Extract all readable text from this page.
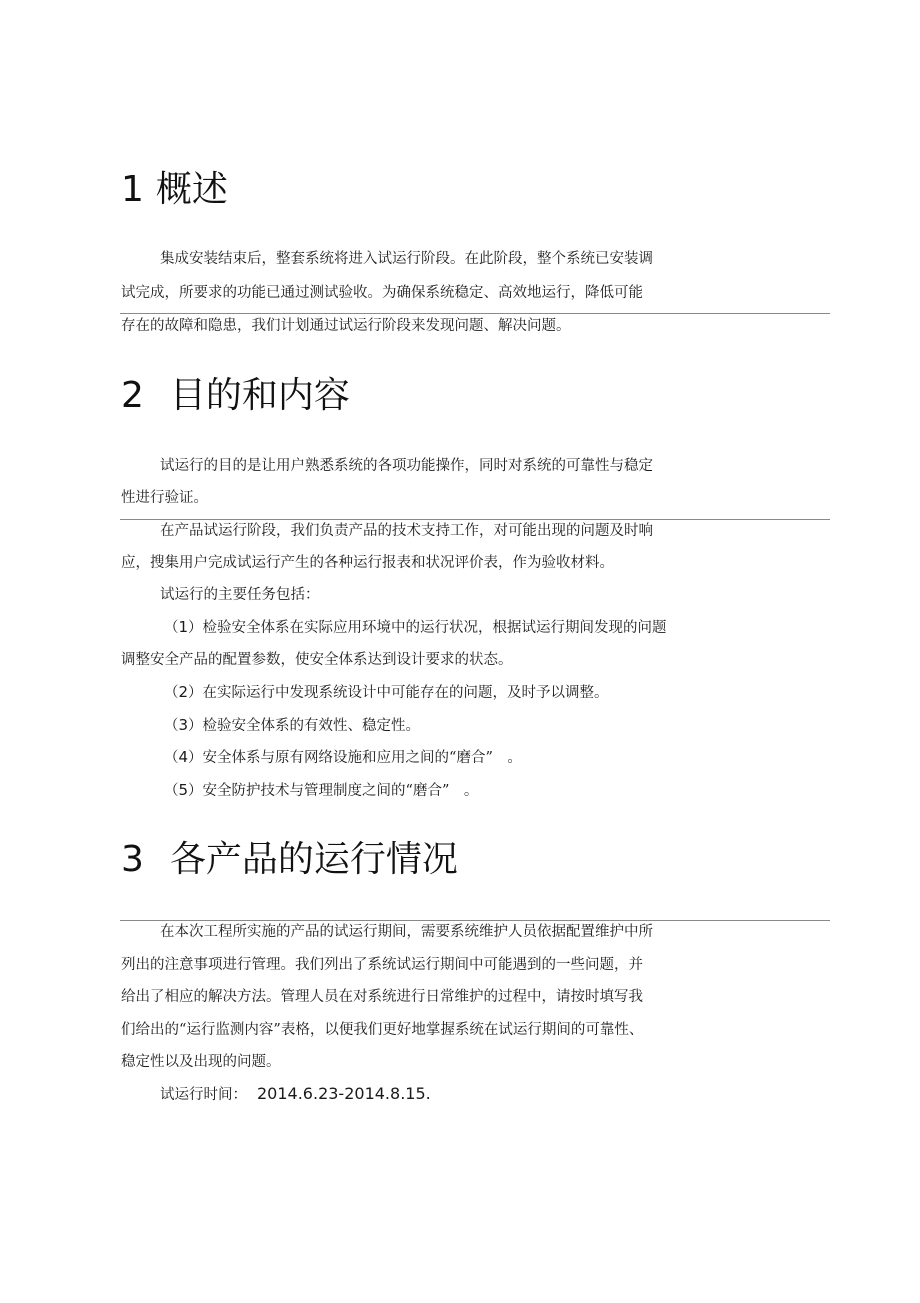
1 概述
集成安装结束后，整套系统将进入试运行阶段。在此阶段，整个系统已安装调
试完成，所要求的功能已通过测试验收。为确保系统稳定、高效地运行，降低可能
存在的故障和隐患，我们计划通过试运行阶段来发现问题、解决问题。
2 目的和内容
试运行的目的是让用户熟悉系统的各项功能操作，同时对系统的可靠性与稳定
性进行验证。
在产品试运行阶段，我们负责产品的技术支持工作，对可能出现的问题及时响
应，搜集用户完成试运行产生的各种运行报表和状况评价表，作为验收材料。
试运行的主要任务包括：
（1）检验安全体系在实际应用环境中的运行状况，根据试运行期间发现的问题
调整安全产品的配置参数，使安全体系达到设计要求的状态。
（2）在实际运行中发现系统设计中可能存在的问题，及时予以调整。
（3）检验安全体系的有效性、稳定性。
（4）安全体系与原有网络设施和应用之间的“磨合”　。
（5）安全防护技术与管理制度之间的“磨合”　。
3 各产品的运行情况
在本次工程所实施的产品的试运行期间，需要系统维护人员依据配置维护中所
列出的注意事项进行管理。我们列出了系统试运行期间中可能遇到的一些问题，并
给出了相应的解决方法。管理人员在对系统进行日常维护的过程中，请按时填写我
们给出的“运行监测内容”表格，以便我们更好地掌握系统在试运行期间的可靠性、
稳定性以及出现的问题。
试运行时间： 2014.6.23-2014.8.15.
